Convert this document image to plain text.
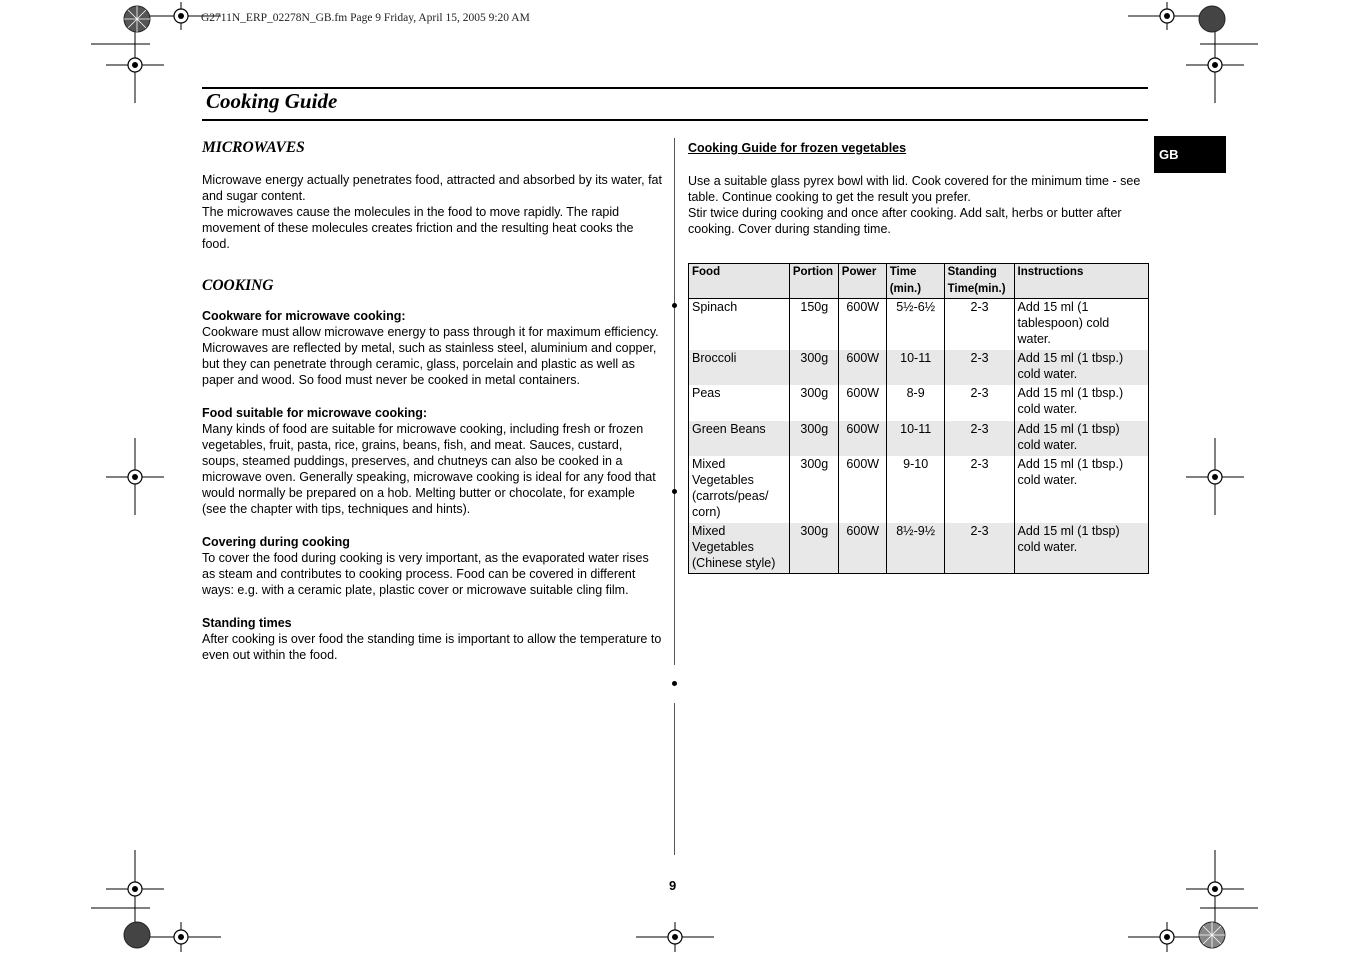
G2711N_ERP_02278N_GB.fm Page 9 Friday, April 15, 2005 9:20 AM
Cooking Guide
GB
MICROWAVES

Microwave energy actually penetrates food, attracted and absorbed by its water, fat and sugar content.

The microwaves cause the molecules in the food to move rapidly. The rapid movement of these molecules creates friction and the resulting heat cooks the food.

COOKING

Cookware for microwave cooking:

Cookware must allow microwave energy to pass through it for maximum efficiency. Microwaves are reflected by metal, such as stainless steel, aluminium and copper, but they can penetrate through ceramic, glass, porcelain and plastic as well as paper and wood. So food must never be cooked in metal containers.

Food suitable for microwave cooking:

Many kinds of food are suitable for microwave cooking, including fresh or frozen vegetables, fruit, pasta, rice, grains, beans, fish, and meat. Sauces, custard, soups, steamed puddings, preserves, and chutneys can also be cooked in a microwave oven. Generally speaking, microwave cooking is ideal for any food that would normally be prepared on a hob. Melting butter or chocolate, for example (see the chapter with tips, techniques and hints).

Covering during cooking

To cover the food during cooking is very important, as the evaporated water rises as steam and contributes to cooking process. Food can be covered in different ways: e.g. with a ceramic plate, plastic cover or microwave suitable cling film.

Standing times

After cooking is over food the standing time is important to allow the temperature to even out within the food.

Cooking Guide for frozen vegetables

Use a suitable glass pyrex bowl with lid. Cook covered for the minimum time - see table. Continue cooking to get the result you prefer.

Stir twice during cooking and once after cooking. Add salt, herbs or butter after cooking. Cover during standing time.

Food	Portion	Power	Time (min.)	Standing Time(min.)	Instructions
Spinach	150g	600W	5½-6½	2-3	Add 15 ml (1 tablespoon) cold water.
Broccoli	300g	600W	10-11	2-3	Add 15 ml (1 tbsp.) cold water.
Peas	300g	600W	8-9	2-3	Add 15 ml (1 tbsp.) cold water.
Green Beans	300g	600W	10-11	2-3	Add 15 ml (1 tbsp) cold water.
Mixed Vegetables (carrots/peas/ corn)	300g	600W	9-10	2-3	Add 15 ml (1 tbsp.) cold water.
Mixed Vegetables (Chinese style)	300g	600W	8½-9½	2-3	Add 15 ml (1 tbsp) cold water.
9
